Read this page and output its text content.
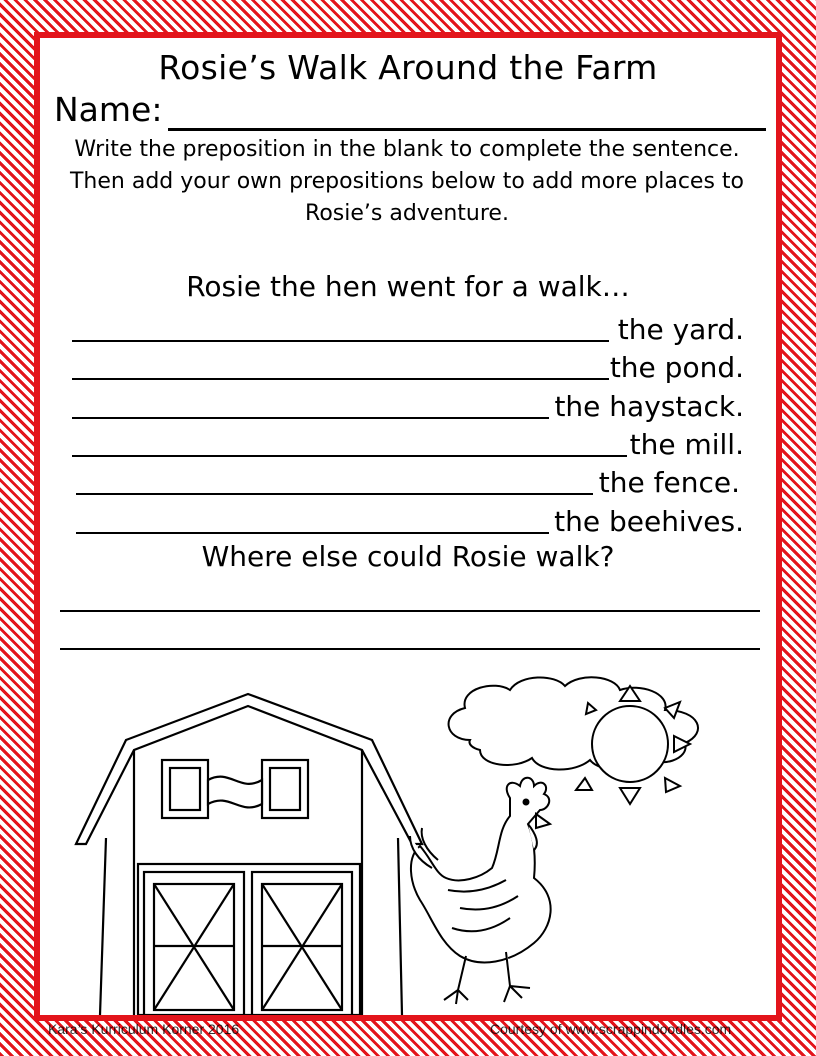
Rosie’s Walk Around the Farm
Name:
Write the preposition in the blank to complete the sentence. Then add your own prepositions below to add more places to Rosie’s adventure.
Rosie the hen went for a walk…
the yard.
the pond.
the haystack.
the mill.
the fence.
the beehives.
Where else could Rosie walk?
Kara’s Kurriculum Korner 2016	Courtesy of www.scrappindoodles.com
